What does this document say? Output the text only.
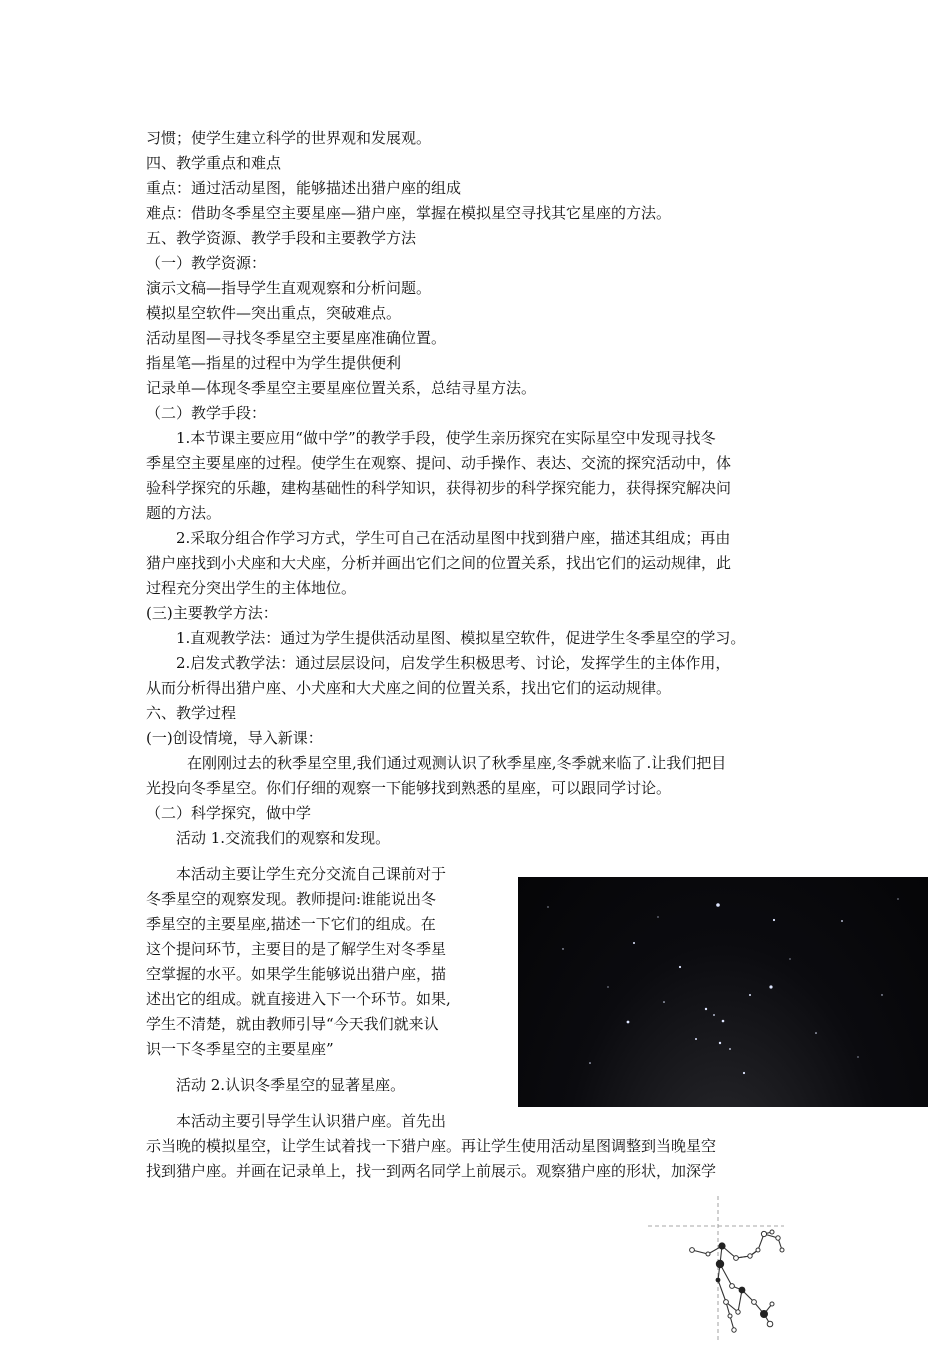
习惯；使学生建立科学的世界观和发展观。
四、教学重点和难点
重点：通过活动星图，能够描述出猎户座的组成
难点：借助冬季星空主要星座—猎户座，掌握在模拟星空寻找其它星座的方法。
五、教学资源、教学手段和主要教学方法
（一）教学资源：
演示文稿—指导学生直观观察和分析问题。
模拟星空软件—突出重点，突破难点。
活动星图—寻找冬季星空主要星座准确位置。
指星笔—指星的过程中为学生提供便利
记录单—体现冬季星空主要星座位置关系，总结寻星方法。
（二）教学手段：
1.本节课主要应用“做中学”的教学手段，使学生亲历探究在实际星空中发现寻找冬
季星空主要星座的过程。使学生在观察、提问、动手操作、表达、交流的探究活动中，体
验科学探究的乐趣，建构基础性的科学知识，获得初步的科学探究能力，获得探究解决问
题的方法。
2.采取分组合作学习方式，学生可自己在活动星图中找到猎户座，描述其组成；再由
猎户座找到小犬座和大犬座，分析并画出它们之间的位置关系，找出它们的运动规律，此
过程充分突出学生的主体地位。
(三)主要教学方法：
1.直观教学法：通过为学生提供活动星图、模拟星空软件，促进学生冬季星空的学习。
2.启发式教学法：通过层层设问，启发学生积极思考、讨论，发挥学生的主体作用，
从而分析得出猎户座、小犬座和大犬座之间的位置关系，找出它们的运动规律。
六、教学过程
(一)创设情境，导入新课：
在刚刚过去的秋季星空里,我们通过观测认识了秋季星座,冬季就来临了.让我们把目
光投向冬季星空。你们仔细的观察一下能够找到熟悉的星座，可以跟同学讨论。
（二）科学探究，做中学
活动 1.交流我们的观察和发现。
本活动主要让学生充分交流自己课前对于
冬季星空的观察发现。教师提问:谁能说出冬
季星空的主要星座,描述一下它们的组成。在
这个提问环节，主要目的是了解学生对冬季星
空掌握的水平。如果学生能够说出猎户座，描
述出它的组成。就直接进入下一个环节。如果,
学生不清楚，就由教师引导“今天我们就来认
识一下冬季星空的主要星座”
活动 2.认识冬季星空的显著星座。
本活动主要引导学生认识猎户座。首先出
示当晚的模拟星空，让学生试着找一下猎户座。再让学生使用活动星图调整到当晚星空
找到猎户座。并画在记录单上，找一到两名同学上前展示。观察猎户座的形状，加深学
